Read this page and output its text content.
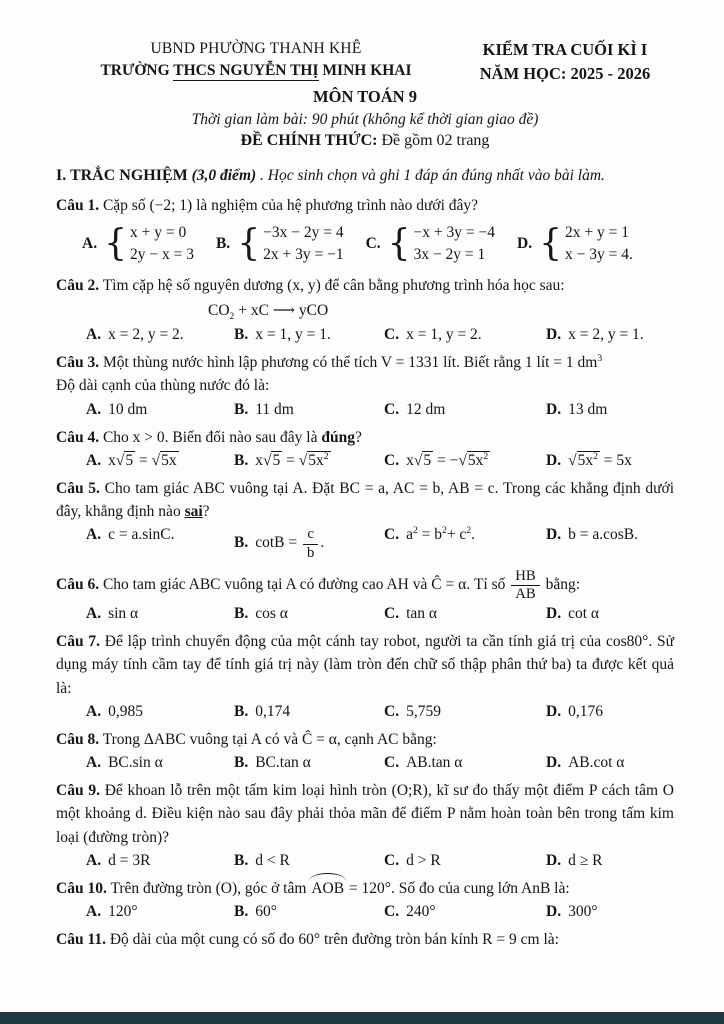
UBND PHƯỜNG THANH KHÊ
TRƯỜNG THCS NGUYỄN THỊ MINH KHAI
KIỂM TRA CUỐI KÌ I
NĂM HỌC: 2025 - 2026
MÔN TOÁN 9
Thời gian làm bài: 90 phút (không kể thời gian giao đề)
ĐỀ CHÍNH THỨC: Đề gồm 02 trang
I. TRẮC NGHIỆM (3,0 điểm) . Học sinh chọn và ghi 1 đáp án đúng nhất vào bài làm.
Câu 1. Cặp số (−2; 1) là nghiệm của hệ phương trình nào dưới đây?
A.
{ x + y = 0
2y − x = 3
B.
{ −3x − 2y = 4
2x + 3y = −1
C.
{ −x + 3y = −4
3x − 2y = 1
D.
{ 2x + y = 1
x − 3y = 4.
Câu 2. Tìm cặp hệ số nguyên dương (x, y) để cân bằng phương trình hóa học sau:
$CO_2$ + xC ⟶ yCO
A. x = 2, y = 2.	B. x = 1, y = 1.	C. x = 1, y = 2.	D. x = 2, y = 1.
Câu 3. Một thùng nước hình lập phương có thể tích V = 1331 lít. Biết rằng 1 lít = 1 $dm^3$
Độ dài cạnh của thùng nước đó là:
A. 10 dm	B. 11 dm	C. 12 dm	D. 13 dm
Câu 4. Cho x > 0. Biến đổi nào sau đây là đúng?
A. x√5 = √5x	B. $x√5 = √5x^2$	C. $x√5 = -√5x^2$	D. $√5x^2 = 5x$
Câu 5. Cho tam giác ABC vuông tại A. Đặt BC = a, AC = b, AB = c. Trong các khẳng định dưới đây, khẳng định nào sai?
A. c = a.sinC.	B. $\cot B = \frac{c}{b}$ .	C. $a^2 = b^2+ c^2$.	D. b = a.cosB.
Câu 6. Cho tam giác ABC vuông tại A có đường cao AH và Ĉ = α. Tỉ số $\frac{HB}{AB}$ bằng:
A. sin α	B. cos α	C. tan α	D. cot α
Câu 7. Để lập trình chuyển động của một cánh tay robot, người ta cần tính giá trị của cos80°. Sử dụng máy tính cầm tay để tính giá trị này (làm tròn đến chữ số thập phân thứ ba) ta được kết quả là:
A. 0,985	B. 0,174	C. 5,759	D. 0,176
Câu 8. Trong ΔABC vuông tại A có và Ĉ = α, cạnh AC bằng:
A. BC.sin α	B. BC.tan α	C. AB.tan α	D. AB.cot α
Câu 9. Để khoan lỗ trên một tấm kim loại hình tròn (O;R), kĩ sư đo thấy một điểm P cách tâm O một khoảng d. Điều kiện nào sau đây phải thỏa mãn để điểm P nằm hoàn toàn bên trong tấm kim loại (đường tròn)?
A. d = 3R	B. d < R	C. d > R	D. d ≥ R
Câu 10. Trên đường tròn (O), góc ở tâm AOB = 120°. Số đo của cung lớn AnB là:
A. 120°	B. 60°	C. 240°	D. 300°
Câu 11. Độ dài của một cung có số đo 60° trên đường tròn bán kính R = 9 cm là:
